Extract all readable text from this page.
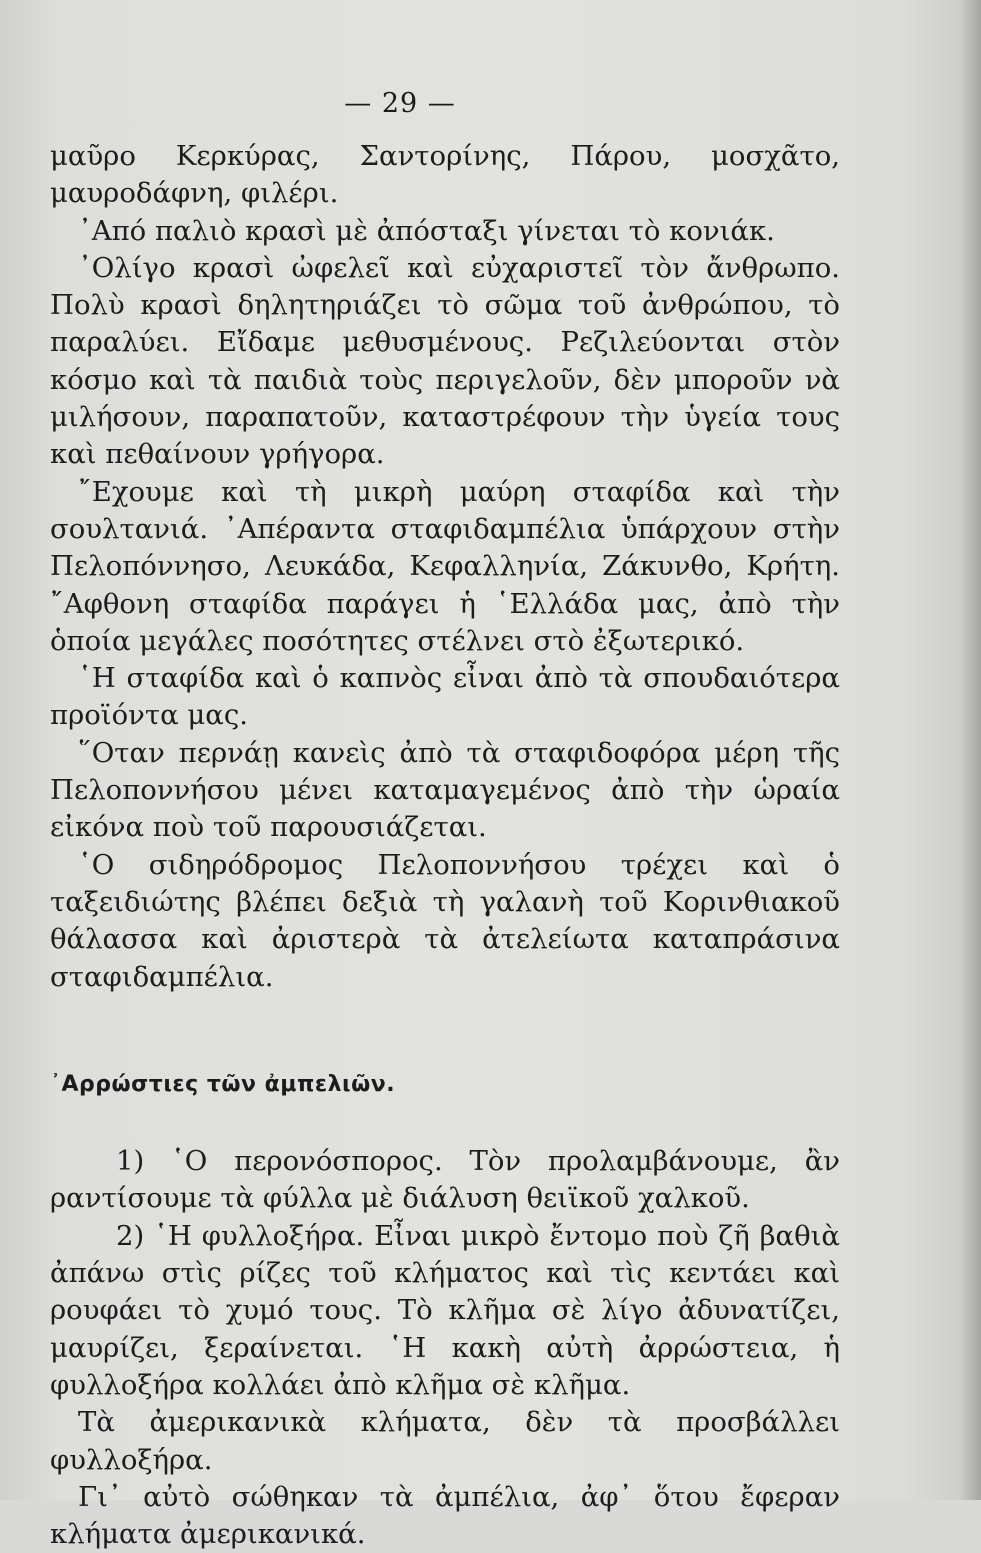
— 29 —

μαῦρο Κερκύρας, Σαντορίνης, Πάρου, μοσχᾶτο, μαυροδάφνη, φιλέρι.

᾽Από παλιὸ κρασὶ μὲ ἀπόσταξι γίνεται τὸ κονιάκ.

᾽Ολίγο κρασὶ ὠφελεῖ καὶ εὐχαριστεῖ τὸν ἄνθρωπο. Πολὺ κρασὶ δηλητηριάζει τὸ σῶμα τοῦ ἀνθρώπου, τὸ παραλύει. Εἴδαμε μεθυσμένους. Ρεζιλεύονται στὸν κόσμο καὶ τὰ παιδιὰ τοὺς περιγελοῦν, δὲν μποροῦν νὰ μιλήσουν, παραπατοῦν, καταστρέφουν τὴν ὑγεία τους καὶ πεθαίνουν γρήγορα.

῎Εχουμε καὶ τὴ μικρὴ μαύρη σταφίδα καὶ τὴν σουλτανιά. ᾽Απέραντα σταφιδαμπέλια ὑπάρχουν στὴν Πελοπόννησο, Λευκάδα, Κεφαλληνία, Ζάκυνθο, Κρήτη. ῎Αφθονη σταφίδα παράγει ἡ ῾Ελλάδα μας, ἀπὸ τὴν ὁποία μεγάλες ποσότητες στέλνει στὸ ἐξωτερικό.

῾Η σταφίδα καὶ ὁ καπνὸς εἶναι ἀπὸ τὰ σπουδαιότερα προϊόντα μας.

῞Οταν περνάῃ κανεὶς ἀπὸ τὰ σταφιδοφόρα μέρη τῆς Πελοποννήσου μένει καταμαγεμένος ἀπὸ τὴν ὡραία εἰκόνα ποὺ τοῦ παρουσιάζεται.

῾Ο σιδηρόδρομος Πελοποννήσου τρέχει καὶ ὁ ταξειδιώτης βλέπει δεξιὰ τὴ γαλανὴ τοῦ Κορινθιακοῦ θάλασσα καὶ ἀριστερὰ τὰ ἀτελείωτα καταπράσινα σταφιδαμπέλια.

᾽Αρρώστιες τῶν ἀμπελιῶν.

1) ῾Ο περονόσπορος. Τὸν προλαμβάνουμε, ἂν ραντίσουμε τὰ φύλλα μὲ διάλυση θειϊκοῦ χαλκοῦ.

2) ῾Η φυλλοξήρα. Εἶναι μικρὸ ἔντομο ποὺ ζῆ βαθιὰ ἀπάνω στὶς ρίζες τοῦ κλήματος καὶ τὶς κεντάει καὶ ρουφάει τὸ χυμό τους. Τὸ κλῆμα σὲ λίγο ἀδυνατίζει, μαυρίζει, ξεραίνεται. ῾Η κακὴ αὐτὴ ἀρρώστεια, ἡ φυλλοξήρα κολλάει ἀπὸ κλῆμα σὲ κλῆμα.

Τὰ ἀμερικανικὰ κλήματα, δὲν τὰ προσβάλλει φυλλοξήρα.

Γι᾽ αὐτὸ σώθηκαν τὰ ἀμπέλια, ἀφ᾽ ὅτου ἔφεραν κλήματα ἀμερικανικά.
